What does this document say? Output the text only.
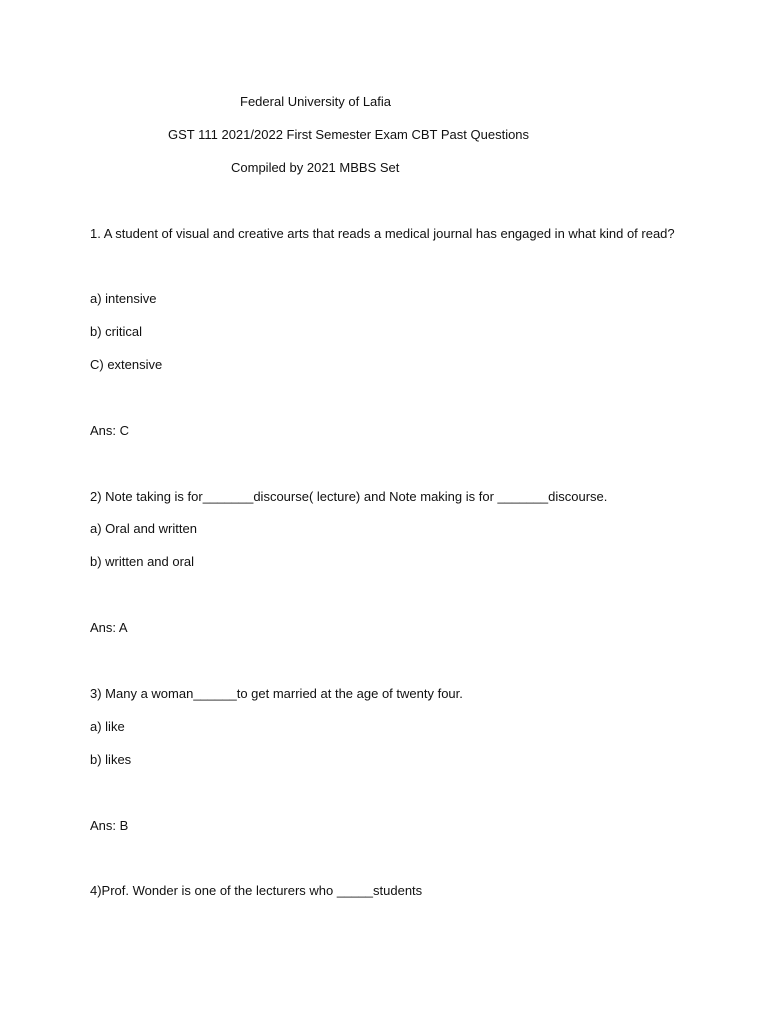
Federal University of Lafia
GST 111 2021/2022 First Semester Exam CBT Past Questions
Compiled by 2021 MBBS Set
1. A student of visual and creative arts that reads a medical journal has engaged in what kind of read?
a) intensive
b) critical
C) extensive
Ans: C
2) Note taking is for_______discourse( lecture) and Note making is for _______discourse.
a) Oral and written
b) written and oral
Ans: A
3) Many a woman______to get married at the age of twenty four.
a) like
b) likes
Ans: B
4)Prof. Wonder is one of the lecturers who _____students
